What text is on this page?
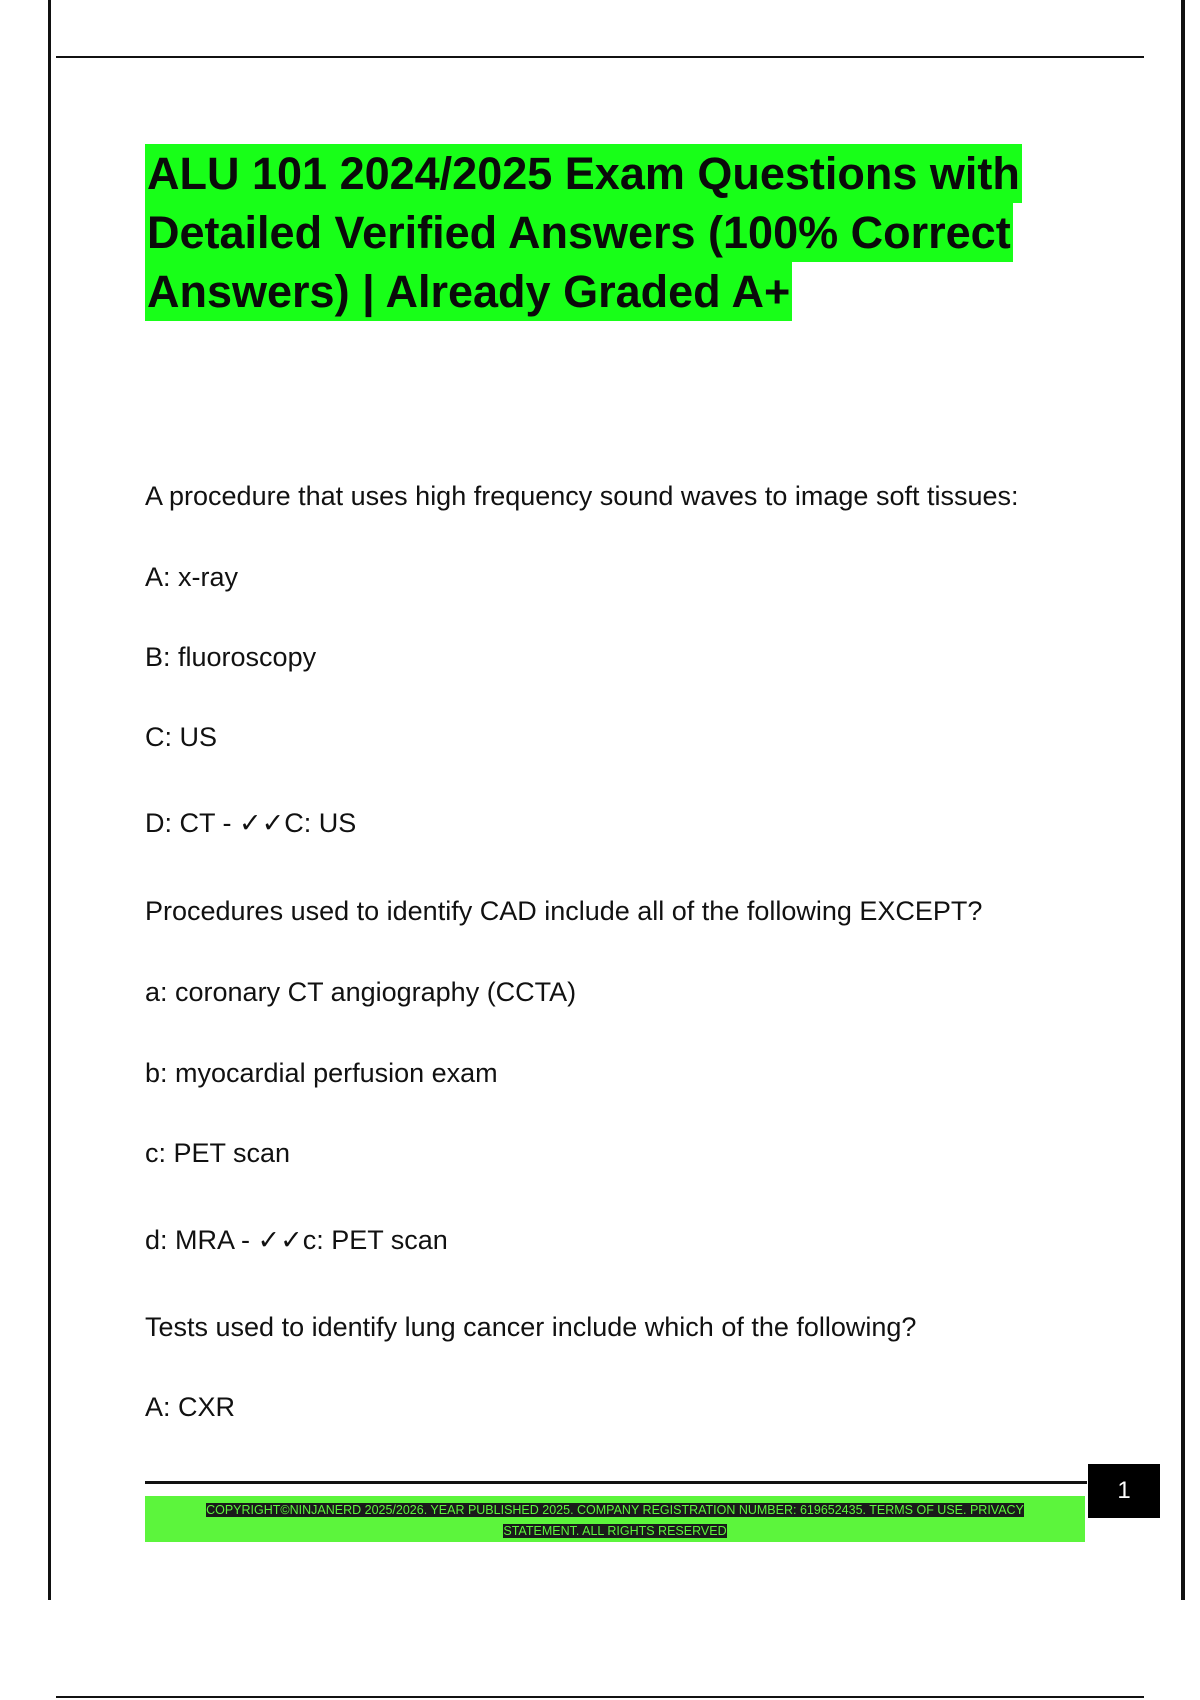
ALU 101 2024/2025 Exam Questions with
Detailed Verified Answers (100% Correct
Answers) | Already Graded A+

A procedure that uses high frequency sound waves to image soft tissues:

A: x-ray

B: fluoroscopy

C: US

D: CT - ✓✓C: US

Procedures used to identify CAD include all of the following EXCEPT?

a: coronary CT angiography (CCTA)

b: myocardial perfusion exam

c: PET scan

d: MRA - ✓✓c: PET scan

Tests used to identify lung cancer include which of the following?

A: CXR

COPYRIGHT©NINJANERD 2025/2026. YEAR PUBLISHED 2025. COMPANY REGISTRATION NUMBER: 619652435. TERMS OF USE. PRIVACY
STATEMENT. ALL RIGHTS RESERVED
1
